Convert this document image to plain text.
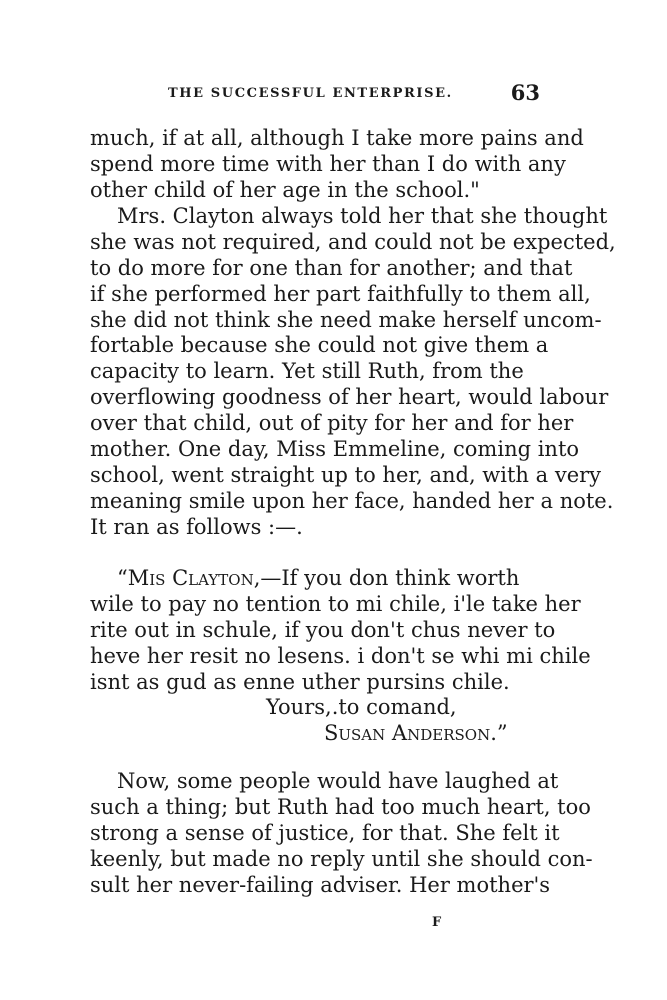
THE SUCCESSFUL ENTERPRISE.	63
much, if at all, although I take more pains and
spend more time with her than I do with any
other child of her age in the school."
Mrs. Clayton always told her that she thought
she was not required, and could not be expected,
to do more for one than for another; and that
if she performed her part faithfully to them all,
she did not think she need make herself uncom-
fortable because she could not give them a
capacity to learn. Yet still Ruth, from the
overflowing goodness of her heart, would labour
over that child, out of pity for her and for her
mother. One day, Miss Emmeline, coming into
school, went straight up to her, and, with a very
meaning smile upon her face, handed her a note.
It ran as follows :—.
“Mis Clayton,—If you don think worth
wile to pay no tention to mi chile, i'le take her
rite out in schule, if you don't chus never to
heve her resit no lesens. i don't se whi mi chile
isnt as gud as enne uther pursins chile.
Yours,.to comand,
Susan Anderson.”
Now, some people would have laughed at
such a thing; but Ruth had too much heart, too
strong a sense of justice, for that. She felt it
keenly, but made no reply until she should con-
sult her never-failing adviser. Her mother's
F
